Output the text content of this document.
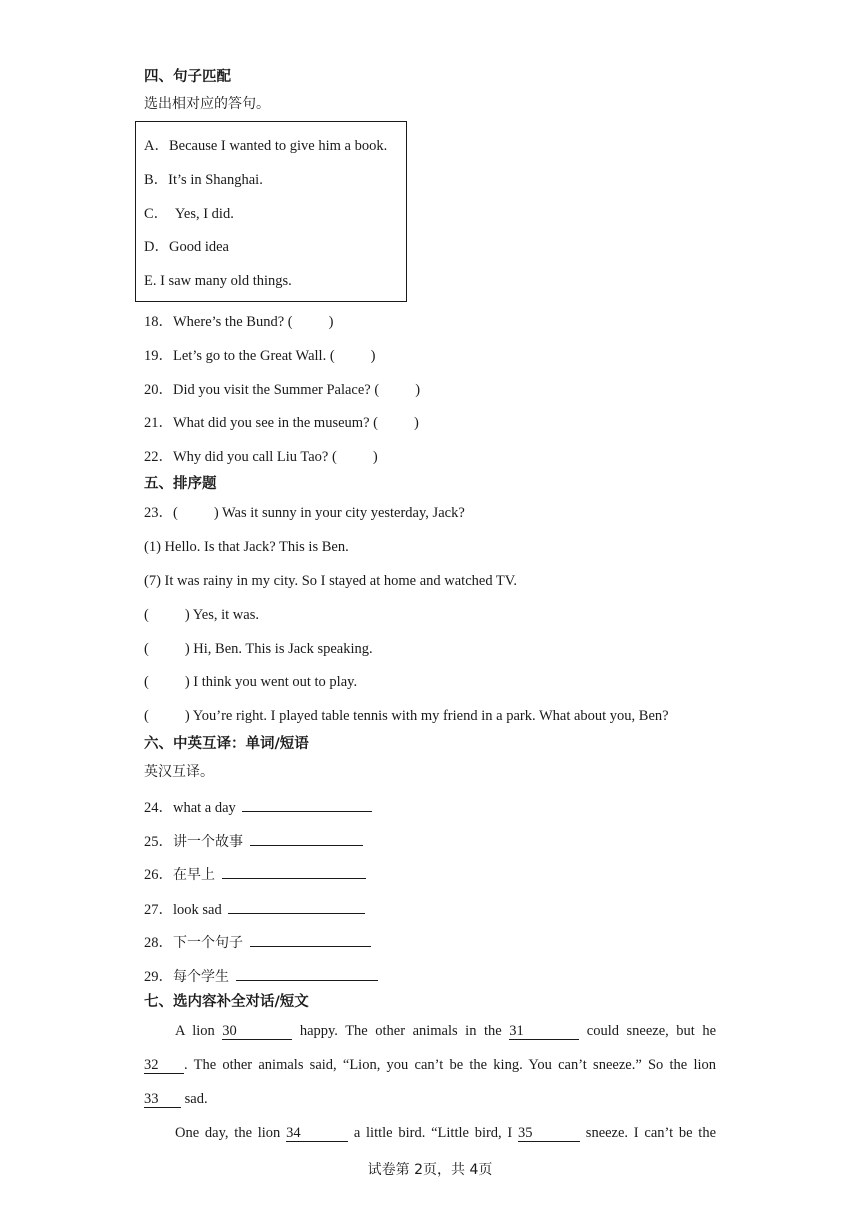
四、句子匹配
选出相对应的答句。
A．Because I wanted to give him a book.
B．It’s in Shanghai.
C．  Yes, I did.
D．Good idea
E. I saw many old things.
18．Where’s the Bund? ( )
19．Let’s go to the Great Wall. ( )
20．Did you visit the Summer Palace? ( )
21．What did you see in the museum? ( )
22．Why did you call Liu Tao? ( )
五、排序题
23．( ) Was it sunny in your city yesterday, Jack?
(1) Hello. Is that Jack? This is Ben.
(7) It was rainy in my city. So I stayed at home and watched TV.
( ) Yes, it was.
( ) Hi, Ben. This is Jack speaking.
( ) I think you went out to play.
( ) You’re right. I played table tennis with my friend in a park. What about you, Ben?
六、中英互译：单词/短语
英汉互译。
24．what a day
25．讲一个故事
26．在早上
27．look sad
28．下一个句子
29．每个学生
七、选内容补全对话/短文
A lion 30	happy. The other animals in the 31	could sneeze, but he
32 . The other animals said, “Lion, you can’t be the king. You can’t sneeze.” So the lion
33 sad.
One day, the lion 34	a little bird. “Little bird, I 35	sneeze. I can’t be the
试卷第 2页，共 4页
